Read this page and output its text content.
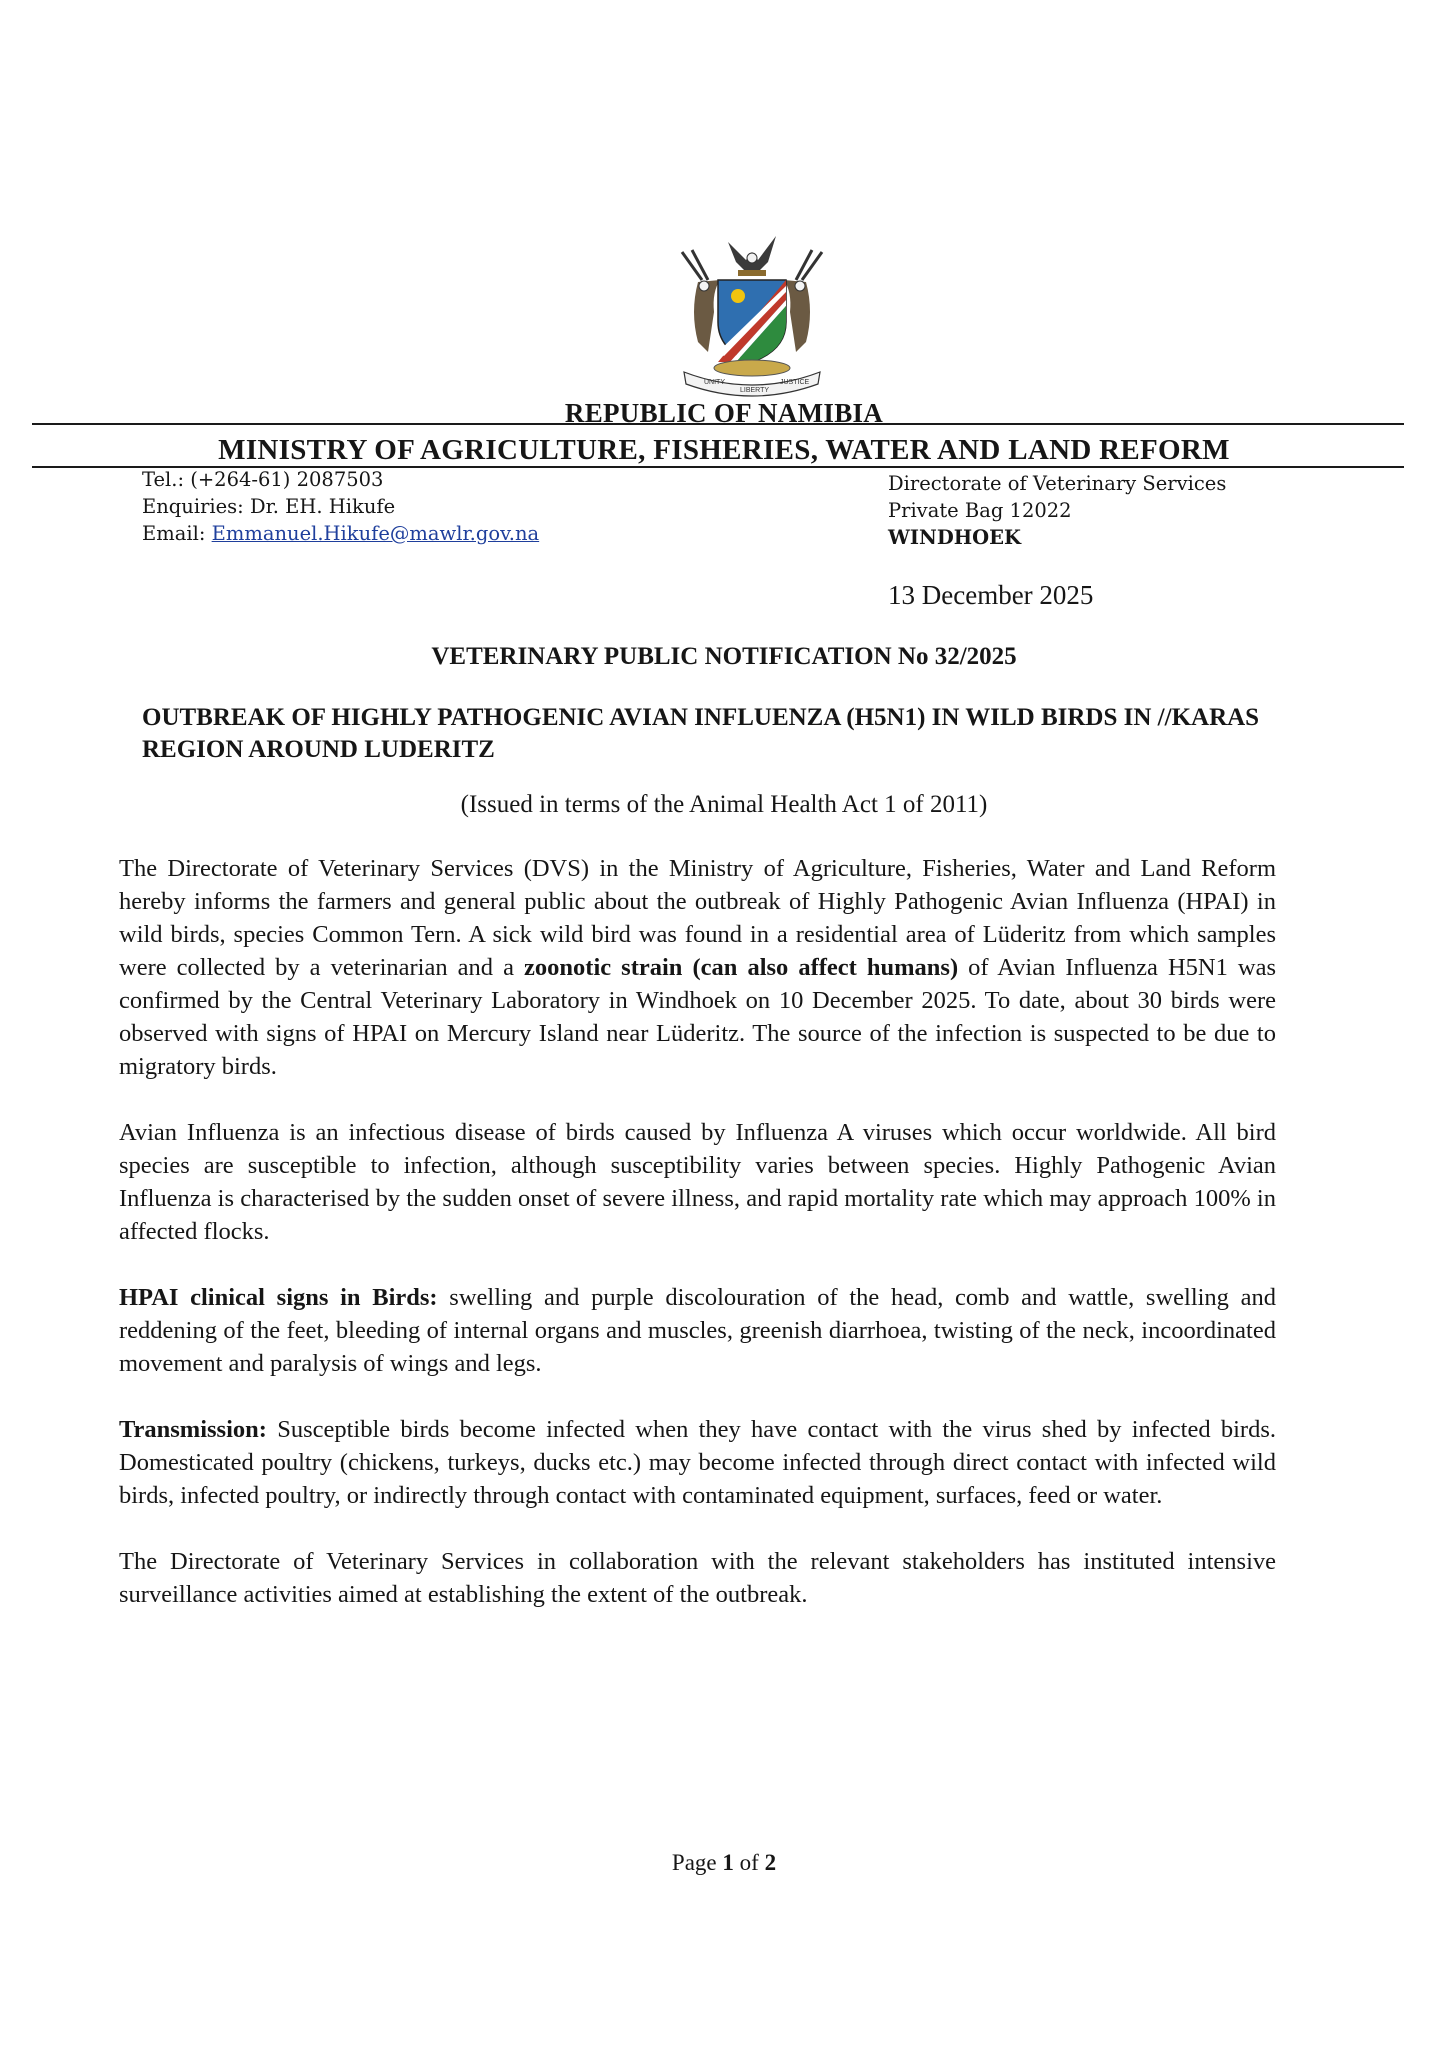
UNITY
LIBERTY
JUSTICE
REPUBLIC OF NAMIBIA
MINISTRY OF AGRICULTURE, FISHERIES, WATER AND LAND REFORM
Tel.: (+264-61) 2087503
Enquiries: Dr. EH. Hikufe
Email: Emmanuel.Hikufe@mawlr.gov.na
Directorate of Veterinary Services
Private Bag 12022
WINDHOEK
13 December 2025
VETERINARY PUBLIC NOTIFICATION No 32/2025
OUTBREAK OF HIGHLY PATHOGENIC AVIAN INFLUENZA (H5N1) IN WILD BIRDS IN //KARAS REGION AROUND LUDERITZ
(Issued in terms of the Animal Health Act 1 of 2011)

The Directorate of Veterinary Services (DVS) in the Ministry of Agriculture, Fisheries, Water and Land Reform hereby informs the farmers and general public about the outbreak of Highly Pathogenic Avian Influenza (HPAI) in wild birds, species Common Tern. A sick wild bird was found in a residential area of Lüderitz from which samples were collected by a veterinarian and a zoonotic strain (can also affect humans) of Avian Influenza H5N1 was confirmed by the Central Veterinary Laboratory in Windhoek on 10 December 2025. To date, about 30 birds were observed with signs of HPAI on Mercury Island near Lüderitz. The source of the infection is suspected to be due to migratory birds.

Avian Influenza is an infectious disease of birds caused by Influenza A viruses which occur worldwide. All bird species are susceptible to infection, although susceptibility varies between species. Highly Pathogenic Avian Influenza is characterised by the sudden onset of severe illness, and rapid mortality rate which may approach 100% in affected flocks.

HPAI clinical signs in Birds: swelling and purple discolouration of the head, comb and wattle, swelling and reddening of the feet, bleeding of internal organs and muscles, greenish diarrhoea, twisting of the neck, incoordinated movement and paralysis of wings and legs.

Transmission: Susceptible birds become infected when they have contact with the virus shed by infected birds. Domesticated poultry (chickens, turkeys, ducks etc.) may become infected through direct contact with infected wild birds, infected poultry, or indirectly through contact with contaminated equipment, surfaces, feed or water.

The Directorate of Veterinary Services in collaboration with the relevant stakeholders has instituted intensive surveillance activities aimed at establishing the extent of the outbreak.

Page 1 of 2
